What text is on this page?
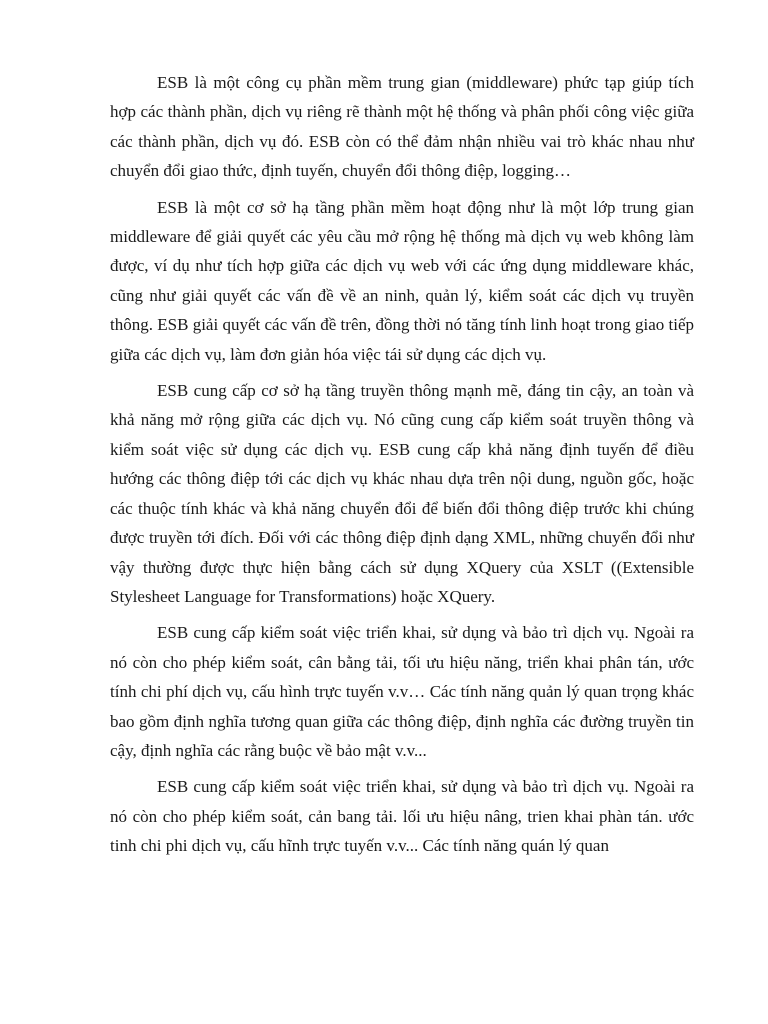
ESB là một công cụ phần mềm trung gian (middleware) phức tạp giúp tích hợp các thành phần, dịch vụ riêng rẽ thành một hệ thống và phân phối công việc giữa các thành phần, dịch vụ đó. ESB còn có thể đảm nhận nhiều vai trò khác nhau như chuyển đổi giao thức, định tuyến, chuyển đổi thông điệp, logging…

ESB là một cơ sở hạ tầng phần mềm hoạt động như là một lớp trung gian middleware để giải quyết các yêu cầu mở rộng hệ thống mà dịch vụ web không làm được, ví dụ như tích hợp giữa các dịch vụ web với các ứng dụng middleware khác, cũng như giải quyết các vấn đề về an ninh, quản lý, kiểm soát các dịch vụ truyền thông. ESB giải quyết các vấn đề trên, đồng thời nó tăng tính linh hoạt trong giao tiếp giữa các dịch vụ, làm đơn giản hóa việc tái sử dụng các dịch vụ.

ESB cung cấp cơ sở hạ tầng truyền thông mạnh mẽ, đáng tin cậy, an toàn và khả năng mở rộng giữa các dịch vụ. Nó cũng cung cấp kiểm soát truyền thông và kiểm soát việc sử dụng các dịch vụ. ESB cung cấp khả năng định tuyến để điều hướng các thông điệp tới các dịch vụ khác nhau dựa trên nội dung, nguồn gốc, hoặc các thuộc tính khác và khả năng chuyển đổi để biến đổi thông điệp trước khi chúng được truyền tới đích. Đối với các thông điệp định dạng XML, những chuyển đổi như vậy thường được thực hiện bằng cách sử dụng XQuery của XSLT ((Extensible Stylesheet Language for Transformations) hoặc XQuery.

ESB cung cấp kiểm soát việc triển khai, sử dụng và bảo trì dịch vụ. Ngoài ra nó còn cho phép kiểm soát, cân bằng tải, tối ưu hiệu năng, triển khai phân tán, ước tính chi phí dịch vụ, cấu hình trực tuyến v.v… Các tính năng quản lý quan trọng khác bao gồm định nghĩa tương quan giữa các thông điệp, định nghĩa các đường truyền tin cậy, định nghĩa các rằng buộc về bảo mật v.v...

ESB cung cấp kiểm soát việc triển khai, sử dụng và bảo trì dịch vụ. Ngoài ra nó còn cho phép kiểm soát, cản bang tải. lối ưu hiệu nâng, trien khai phàn tán. ước tinh chi phi dịch vụ, cấu hĩnh trực tuyến v.v... Các tính năng quán lý quan
